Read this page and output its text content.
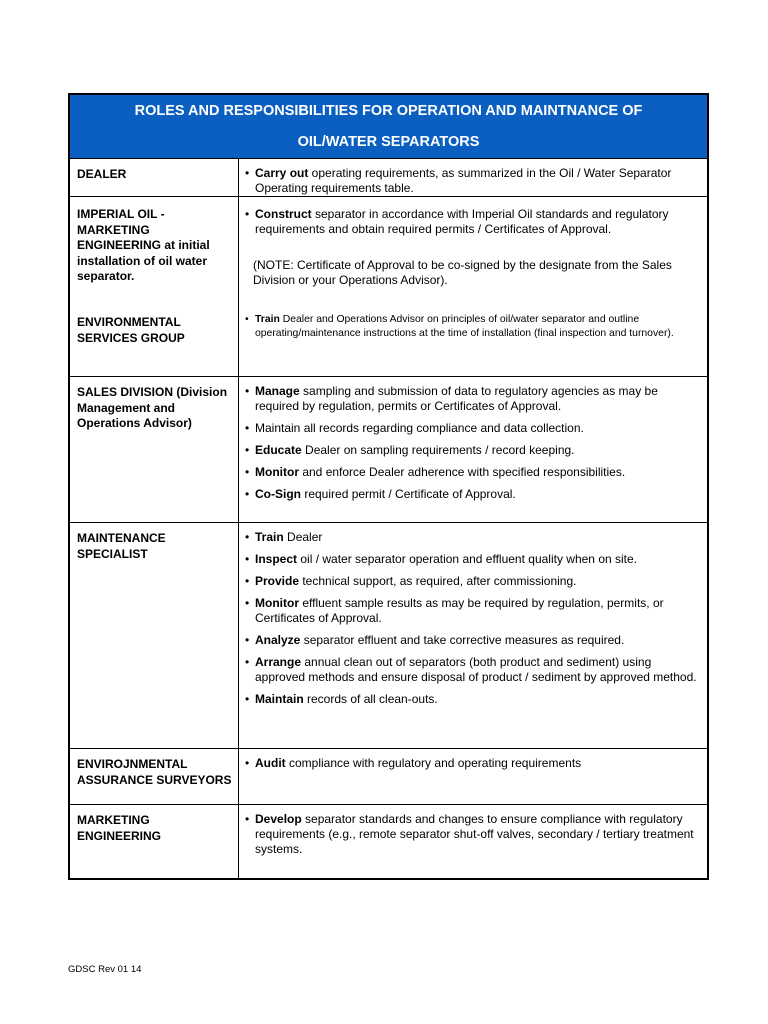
ROLES AND RESPONSIBILITIES FOR OPERATION AND MAINTNANCE OF
OIL/WATER SEPARATORS
DEALER
•	Carry out operating requirements, as summarized in the Oil / Water Separator Operating requirements table.
IMPERIAL OIL - MARKETING ENGINEERING at initial installation of oil water separator.
• Construct separator in accordance with Imperial Oil standards and regulatory requirements and obtain required permits / Certificates of Approval.
(NOTE: Certificate of Approval to be co-signed by the designate from the Sales Division or your Operations Advisor).
ENVIRONMENTAL SERVICES GROUP
• Train Dealer and Operations Advisor on principles of oil/water separator and outline operating/maintenance instructions at the time of installation (final inspection and turnover).
SALES DIVISION (Division Management and Operations Advisor)
• Manage sampling and submission of data to regulatory agencies as may be required by regulation, permits or Certificates of Approval.
• Maintain all records regarding compliance and data collection.
• Educate Dealer on sampling requirements / record keeping.
• Monitor and enforce Dealer adherence with specified responsibilities.
• Co-Sign required permit / Certificate of Approval.
MAINTENANCE SPECIALIST
• Train Dealer
• Inspect oil / water separator operation and effluent quality when on site.
• Provide technical support, as required, after commissioning.
• Monitor effluent sample results as may be required by regulation, permits, or Certificates of Approval.
• Analyze separator effluent and take corrective measures as required.
• Arrange annual clean out of separators (both product and sediment) using approved methods and ensure disposal of product / sediment by approved method.
• Maintain records of all clean-outs.
ENVIROJNMENTAL ASSURANCE SURVEYORS
• Audit compliance with regulatory and operating requirements
MARKETING ENGINEERING
• Develop separator standards and changes to ensure compliance with regulatory requirements (e.g., remote separator shut-off valves, secondary / tertiary treatment systems.
GDSC Rev 01 14
